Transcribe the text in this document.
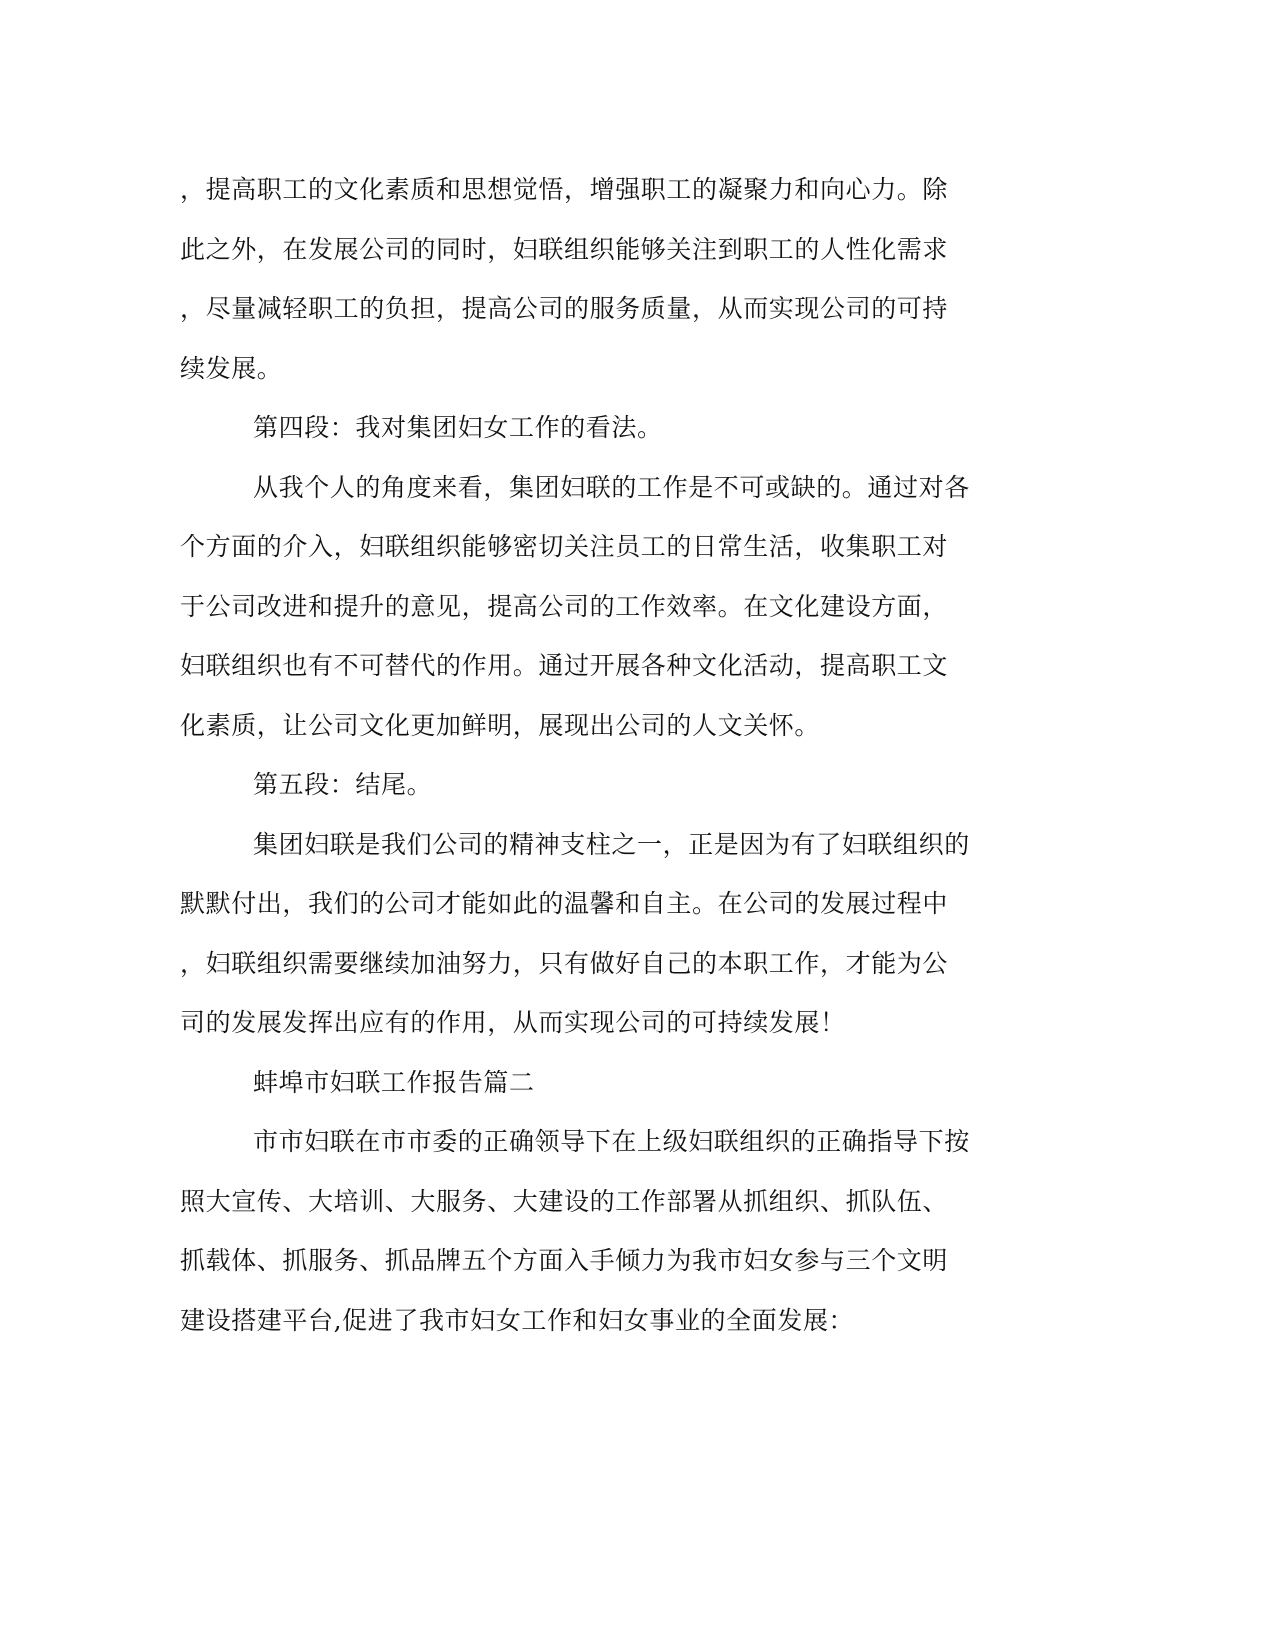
，提高职工的文化素质和思想觉悟，增强职工的凝聚力和向心力。除
此之外，在发展公司的同时，妇联组织能够关注到职工的人性化需求
，尽量减轻职工的负担，提高公司的服务质量，从而实现公司的可持
续发展。
第四段：我对集团妇女工作的看法。
从我个人的角度来看，集团妇联的工作是不可或缺的。通过对各
个方面的介入，妇联组织能够密切关注员工的日常生活，收集职工对
于公司改进和提升的意见，提高公司的工作效率。在文化建设方面，
妇联组织也有不可替代的作用。通过开展各种文化活动，提高职工文
化素质，让公司文化更加鲜明，展现出公司的人文关怀。
第五段：结尾。
集团妇联是我们公司的精神支柱之一，正是因为有了妇联组织的
默默付出，我们的公司才能如此的温馨和自主。在公司的发展过程中
，妇联组织需要继续加油努力，只有做好自己的本职工作，才能为公
司的发展发挥出应有的作用，从而实现公司的可持续发展！
蚌埠市妇联工作报告篇二
市市妇联在市市委的正确领导下在上级妇联组织的正确指导下按
照大宣传、大培训、大服务、大建设的工作部署从抓组织、抓队伍、
抓载体、抓服务、抓品牌五个方面入手倾力为我市妇女参与三个文明
建设搭建平台,促进了我市妇女工作和妇女事业的全面发展：
